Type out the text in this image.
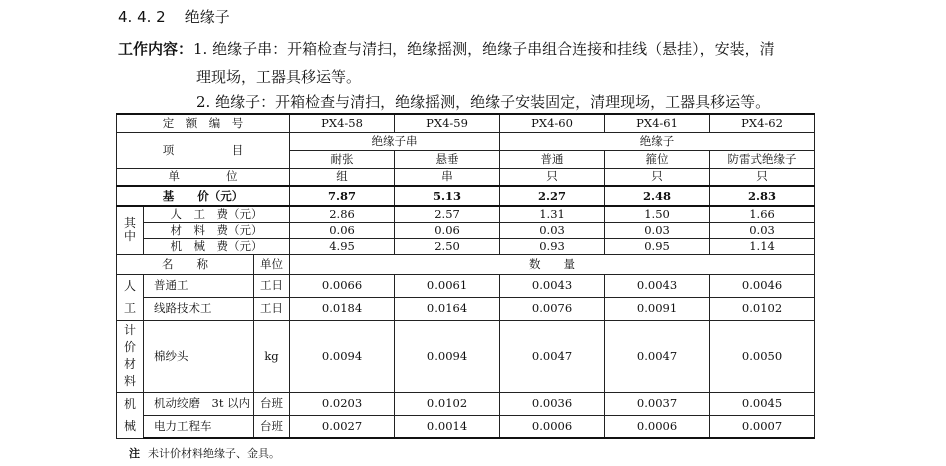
4. 4. 2 绝缘子
工作内容：1. 绝缘子串：开箱检查与清扫，绝缘摇测，绝缘子串组合连接和挂线（悬挂），安装，清
理现场，工器具移运等。
2. 绝缘子：开箱检查与清扫，绝缘摇测，绝缘子安装固定，清理现场，工器具移运等。
定　额　编　号			PX4-58	PX4-59	PX4-60	PX4-61	PX4-62
项　　　　　目			绝缘子串		绝缘子		
			耐张	悬垂	普通	箍位	防雷式绝缘子
单　　　　位			组	串	只	只	只
基　　价（元）			7.87	5.13	2.27	2.48	2.83
其中	人　工　费（元）		2.86	2.57	1.31	1.50	1.66
	材　料　费（元）		0.06	0.06	0.03	0.03	0.03
	机　械　费（元）		4.95	2.50	0.93	0.95	1.14
名　　称		单位	数　　量				
人工	普通工	工日	0.0066	0.0061	0.0043	0.0043	0.0046
	线路技术工	工日	0.0184	0.0164	0.0076	0.0091	0.0102
计价材料	棉纱头	kg	0.0094	0.0094	0.0047	0.0047	0.0050
机械	机动绞磨　3t 以内	台班	0.0203	0.0102	0.0036	0.0037	0.0045
	电力工程车	台班	0.0027	0.0014	0.0006	0.0006	0.0007
注 未计价材料绝缘子、金具。
